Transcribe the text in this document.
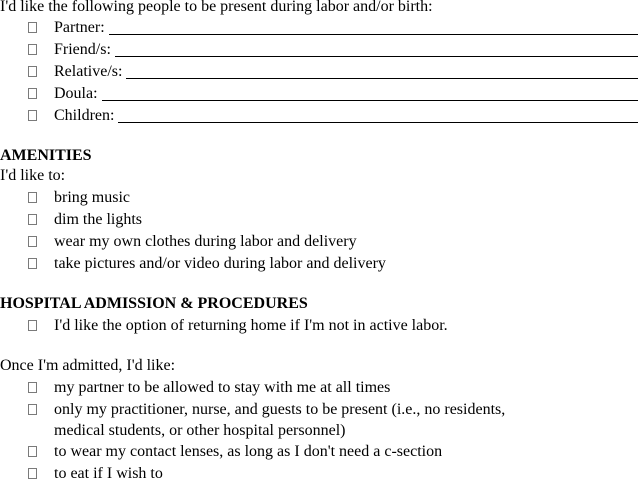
I'd like the following people to be present during labor and/or birth:
Partner:
Friend/s:
Relative/s:
Doula:
Children:
AMENITIES
I'd like to:
bring music
dim the lights
wear my own clothes during labor and delivery
take pictures and/or video during labor and delivery
HOSPITAL ADMISSION & PROCEDURES
I'd like the option of returning home if I'm not in active labor.
Once I'm admitted, I'd like:
my partner to be allowed to stay with me at all times
only my practitioner, nurse, and guests to be present (i.e., no residents,
medical students, or other hospital personnel)
to wear my contact lenses, as long as I don't need a c-section
to eat if I wish to
